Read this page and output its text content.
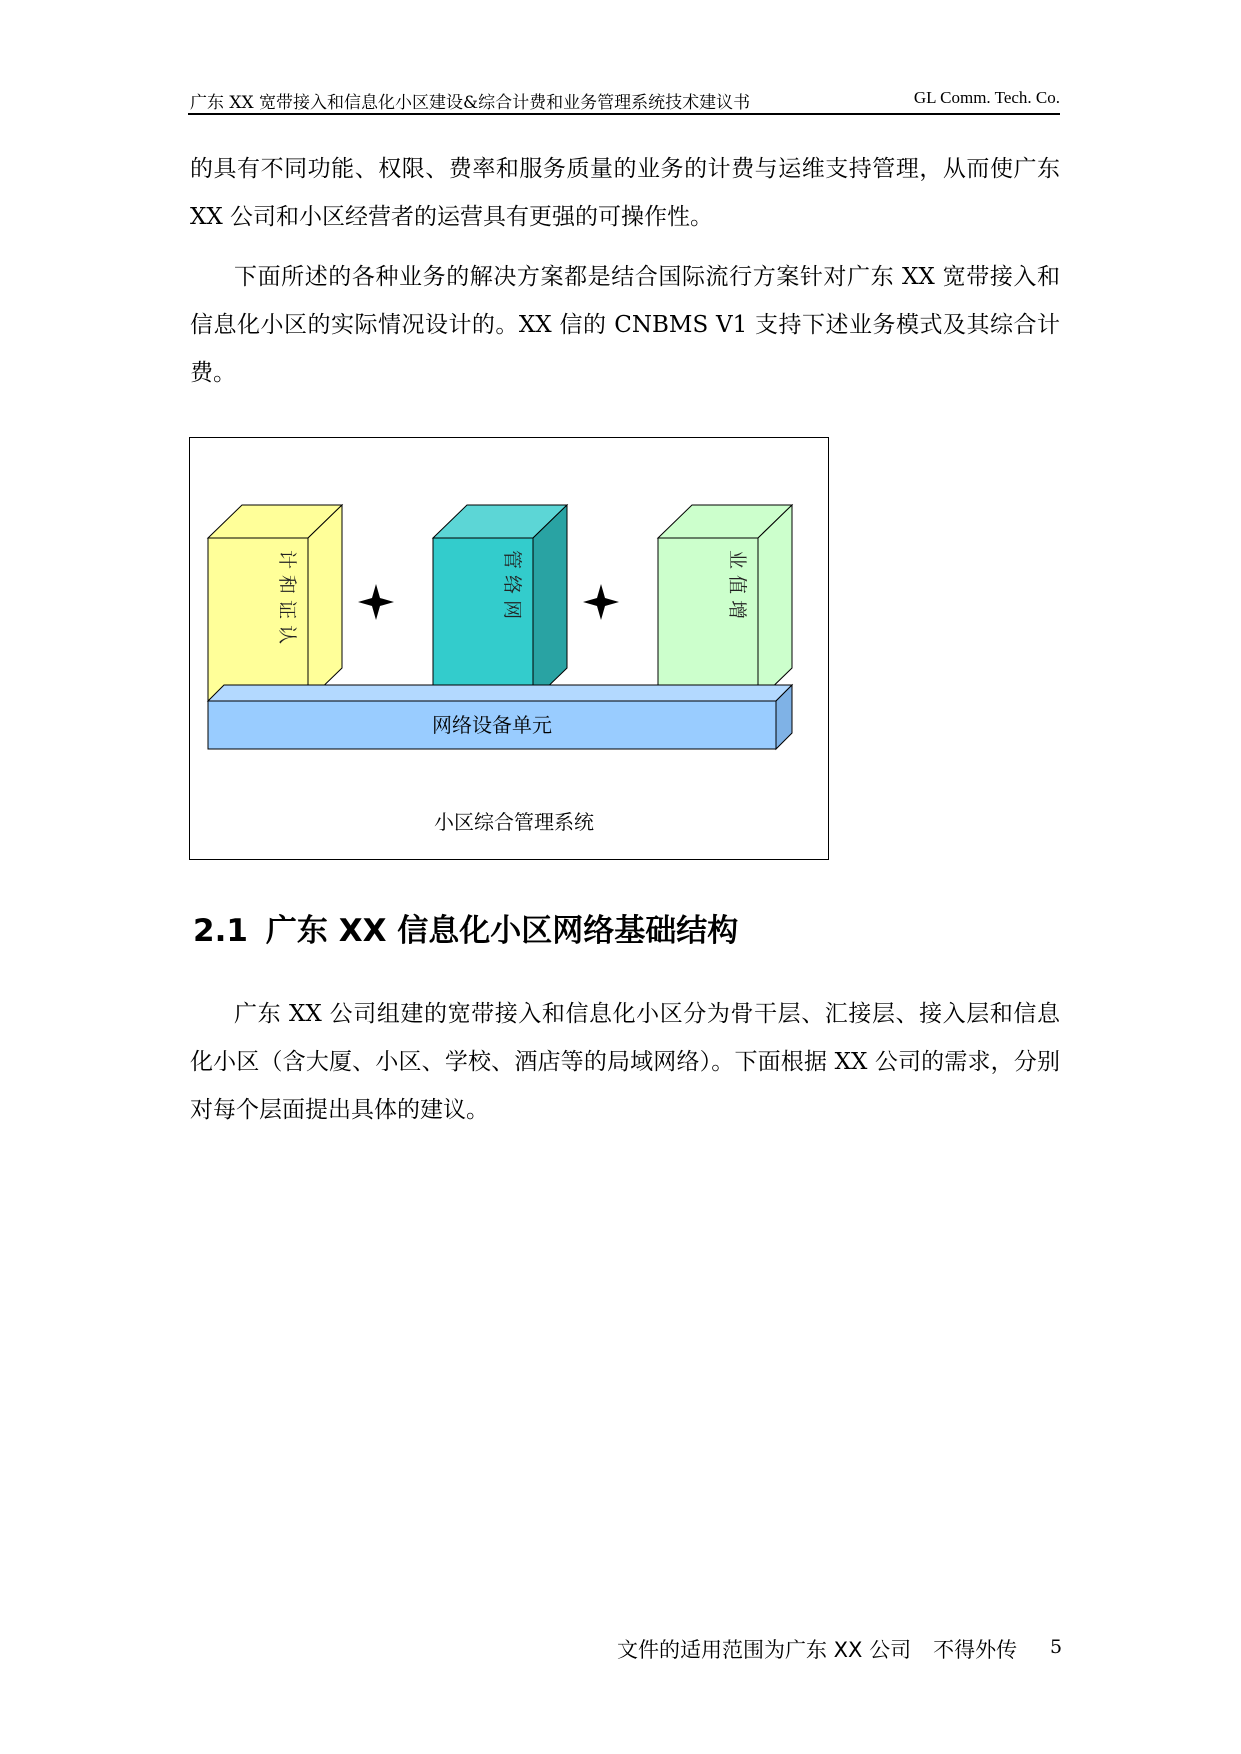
广东 XX 宽带接入和信息化小区建设&综合计费和业务管理系统技术建议书	GL Comm. Tech. Co.

的具有不同功能、权限、费率和服务质量的业务的计费与运维支持管理，从而使广东 XX 公司和小区经营者的运营具有更强的可操作性。

下面所述的各种业务的解决方案都是结合国际流行方案针对广东 XX 宽带接入和信息化小区的实际情况设计的。XX 信的 CNBMS V1 支持下述业务模式及其综合计费。

计 和 证 认	管 络 网	业 值 增
网络设备单元
小区综合管理系统
2.1 广东 XX 信息化小区网络基础结构

广东 XX 公司组建的宽带接入和信息化小区分为骨干层、汇接层、接入层和信息化小区（含大厦、小区、学校、酒店等的局域网络）。下面根据 XX 公司的需求，分别对每个层面提出具体的建议。

文件的适用范围为广东 XX 公司 不得外传 5
